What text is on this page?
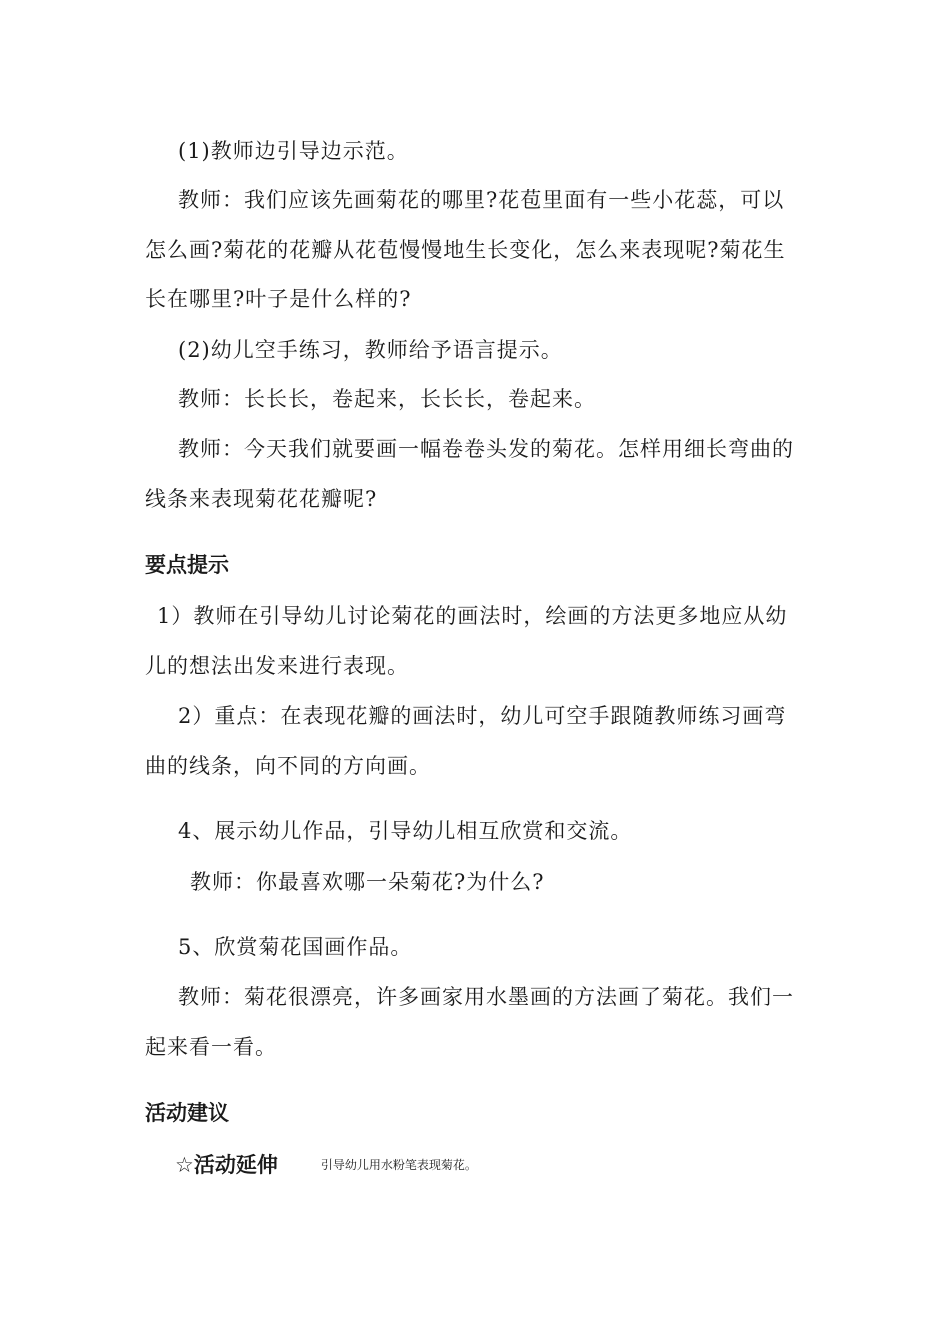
(1)教师边引导边示范。
教师：我们应该先画菊花的哪里?花苞里面有一些小花蕊，可以
怎么画?菊花的花瓣从花苞慢慢地生长变化，怎么来表现呢?菊花生
长在哪里?叶子是什么样的?
(2)幼儿空手练习，教师给予语言提示。
教师：长长长，卷起来，长长长，卷起来。
教师：今天我们就要画一幅卷卷头发的菊花。怎样用细长弯曲的
线条来表现菊花花瓣呢?
要点提示
1）教师在引导幼儿讨论菊花的画法时，绘画的方法更多地应从幼
儿的想法出发来进行表现。
2）重点：在表现花瓣的画法时，幼儿可空手跟随教师练习画弯
曲的线条，向不同的方向画。
4、展示幼儿作品，引导幼儿相互欣赏和交流。
教师：你最喜欢哪一朵菊花?为什么?
5、欣赏菊花国画作品。
教师：菊花很漂亮，许多画家用水墨画的方法画了菊花。我们一
起来看一看。
活动建议
☆活动延伸	引导幼儿用水粉笔表现菊花。
